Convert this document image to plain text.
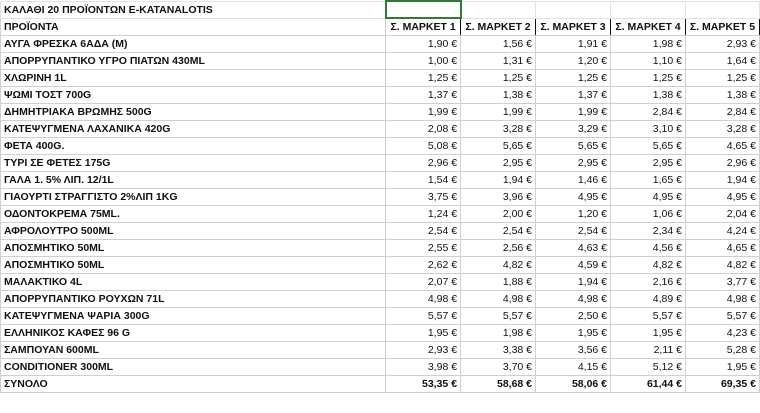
ΚΑΛΑΘΙ 20 ΠΡΟΪΟΝΤΩΝ E-KATANALOTIS					
ΠΡΟΪΟΝΤΑ	Σ. ΜΑΡΚΕΤ 1	Σ. ΜΑΡΚΕΤ 2	Σ. ΜΑΡΚΕΤ 3	Σ. ΜΑΡΚΕΤ 4	Σ. ΜΑΡΚΕΤ 5
ΑΥΓΑ ΦΡΕΣΚΑ 6ΑΔΑ (M)	1,90 €	1,56 €	1,91 €	1,98 €	2,93 €
ΑΠΟΡΡΥΠΑΝΤΙΚΟ ΥΓΡΟ ΠΙΑΤΩΝ 430ML	1,00 €	1,31 €	1,20 €	1,10 €	1,64 €
ΧΛΩΡΙΝΗ 1L	1,25 €	1,25 €	1,25 €	1,25 €	1,25 €
ΨΩΜΙ ΤΟΣΤ 700G	1,37 €	1,38 €	1,37 €	1,38 €	1,38 €
ΔΗΜΗΤΡΙΑΚΑ ΒΡΩΜΗΣ 500G	1,99 €	1,99 €	1,99 €	2,84 €	2,84 €
ΚΑΤΕΨΥΓΜΕΝΑ ΛΑΧΑΝΙΚΑ 420G	2,08 €	3,28 €	3,29 €	3,10 €	3,28 €
ΦΕΤΑ 400G.	5,08 €	5,65 €	5,65 €	5,65 €	4,65 €
ΤΥΡΙ ΣΕ ΦΕΤΕΣ 175G	2,96 €	2,95 €	2,95 €	2,95 €	2,96 €
ΓΑΛΑ 1. 5% ΛΙΠ. 12/1L	1,54 €	1,94 €	1,46 €	1,65 €	1,94 €
ΓΙΑΟΥΡΤΙ ΣΤΡΑΓΓΙΣΤΟ 2%ΛΙΠ 1KG	3,75 €	3,96 €	4,95 €	4,95 €	4,95 €
ΟΔΟΝΤΟΚΡΕΜΑ 75ML.	1,24 €	2,00 €	1,20 €	1,06 €	2,04 €
ΑΦΡΟΛΟΥΤΡΟ 500ML	2,54 €	2,54 €	2,54 €	2,34 €	4,24 €
ΑΠΟΣΜΗΤΙΚΟ 50ML	2,55 €	2,56 €	4,63 €	4,56 €	4,65 €
ΑΠΟΣΜΗΤΙΚΟ 50ML	2,62 €	4,82 €	4,59 €	4,82 €	4,82 €
ΜΑΛΑΚΤΙΚΟ 4L	2,07 €	1,88 €	1,94 €	2,16 €	3,77 €
ΑΠΟΡΡΥΠΑΝΤΙΚΟ ΡΟΥΧΩΝ 71L	4,98 €	4,98 €	4,98 €	4,89 €	4,98 €
ΚΑΤΕΨΥΓΜΕΝΑ ΨΑΡΙΑ 300G	5,57 €	5,57 €	2,50 €	5,57 €	5,57 €
ΕΛΛΗΝΙΚΟΣ ΚΑΦΕΣ 96 G	1,95 €	1,98 €	1,95 €	1,95 €	4,23 €
ΣΑΜΠΟΥΑΝ 600ML	2,93 €	3,38 €	3,56 €	2,11 €	5,28 €
CONDITIONER 300ML	3,98 €	3,70 €	4,15 €	5,12 €	1,95 €
ΣΥΝΟΛΟ	53,35 €	58,68 €	58,06 €	61,44 €	69,35 €
